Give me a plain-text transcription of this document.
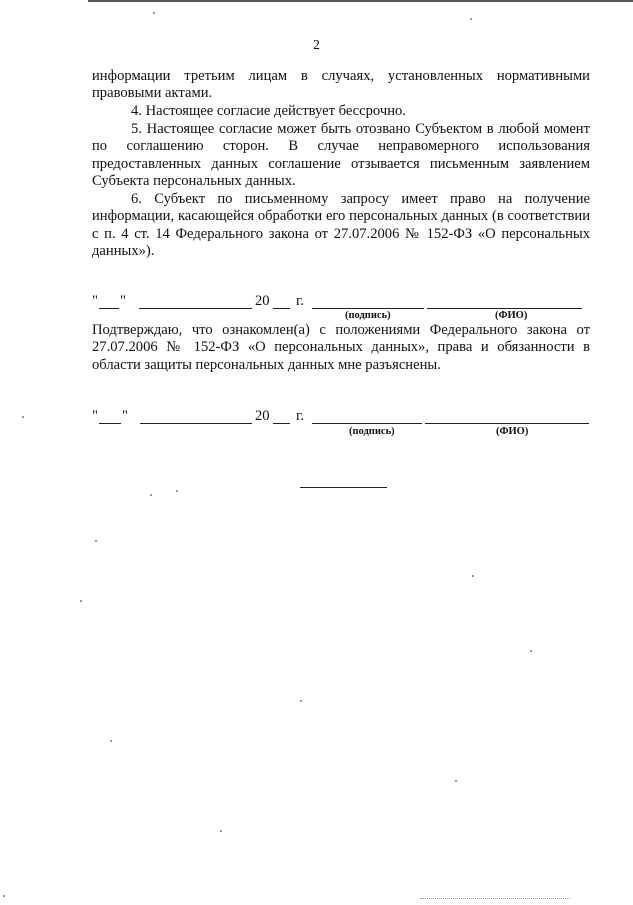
2

информации третьим лицам в случаях, установленных нормативными правовыми актами.

4. Настоящее согласие действует бессрочно.

5. Настоящее согласие может быть отозвано Субъектом в любой момент по соглашению сторон. В случае неправомерного использования предоставленных данных соглашение отзывается письменным заявлением Субъекта персональных данных.

6. Субъект по письменному запросу имеет право на получение информации, касающейся обработки его персональных данных (в соответствии с п. 4 ст. 14 Федерального закона от 27.07.2006 № 152-ФЗ «О персональных данных»).

" "	20 г.
(подпись)	(ФИО)

Подтверждаю, что ознакомлен(а) с положениями Федерального закона от 27.07.2006 № 152-ФЗ «О персональных данных», права и обязанности в области защиты персональных данных мне разъяснены.

" "	20 г.
(подпись)	(ФИО)
